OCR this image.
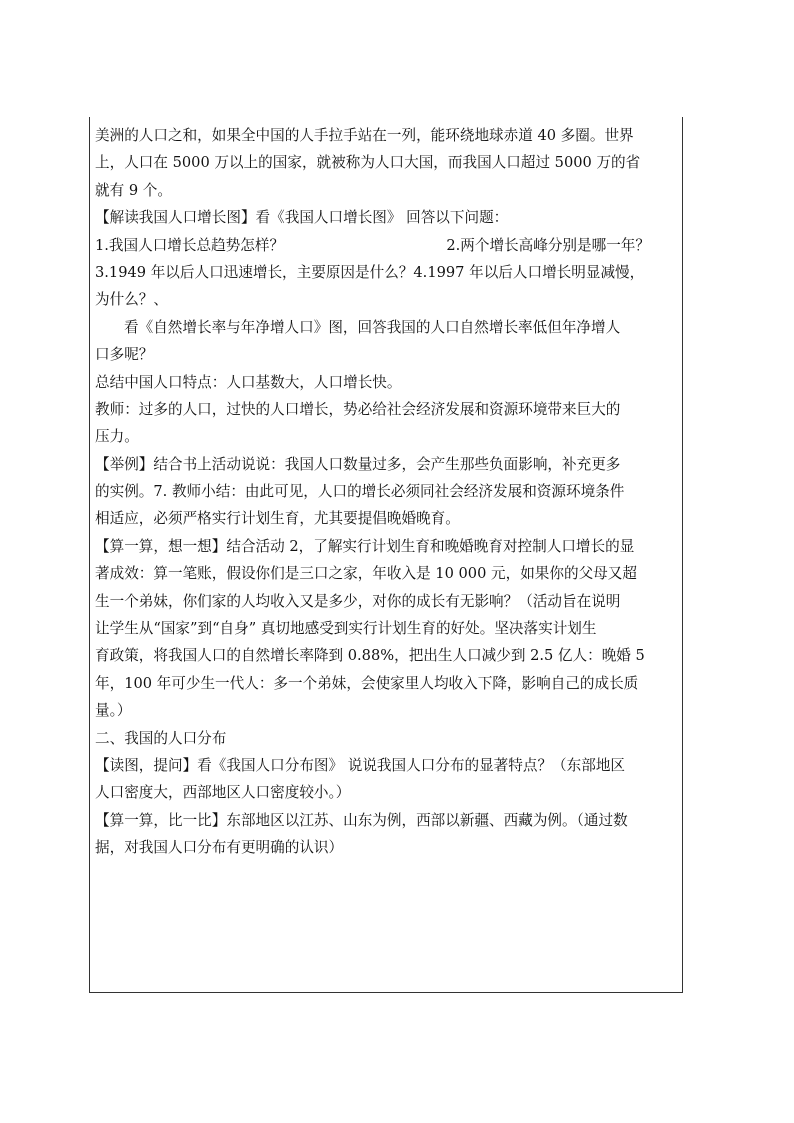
美洲的人口之和，如果全中国的人手拉手站在一列，能环绕地球赤道 40 多圈。世界
上，人口在 5000 万以上的国家，就被称为人口大国，而我国人口超过 5000 万的省
就有 9 个。
【解读我国人口增长图】看《我国人口增长图》 回答以下问题：
1.我国人口增长总趋势怎样？	2.两个增长高峰分别是哪一年？
3.1949 年以后人口迅速增长，主要原因是什么？4.1997 年以后人口增长明显减慢，
为什么？、
看《自然增长率与年净增人口》图，回答我国的人口自然增长率低但年净增人
口多呢？
总结中国人口特点：人口基数大，人口增长快。
教师：过多的人口，过快的人口增长，势必给社会经济发展和资源环境带来巨大的
压力。
【举例】结合书上活动说说：我国人口数量过多，会产生那些负面影响，补充更多
的实例。7. 教师小结：由此可见，人口的增长必须同社会经济发展和资源环境条件
相适应，必须严格实行计划生育，尤其要提倡晚婚晚育。
【算一算，想一想】结合活动 2，了解实行计划生育和晚婚晚育对控制人口增长的显
著成效：算一笔账，假设你们是三口之家，年收入是 10 000 元，如果你的父母又超
生一个弟妹，你们家的人均收入又是多少，对你的成长有无影响？（活动旨在说明
让学生从“国家”到“自身” 真切地感受到实行计划生育的好处。坚决落实计划生
育政策，将我国人口的自然增长率降到 0.88%，把出生人口减少到 2.5 亿人：晚婚 5
年，100 年可少生一代人：多一个弟妹，会使家里人均收入下降，影响自己的成长质
量。）
二、我国的人口分布
【读图，提问】看《我国人口分布图》 说说我国人口分布的显著特点？（东部地区
人口密度大，西部地区人口密度较小。）
【算一算，比一比】东部地区以江苏、山东为例，西部以新疆、西藏为例。（通过数
据，对我国人口分布有更明确的认识）
